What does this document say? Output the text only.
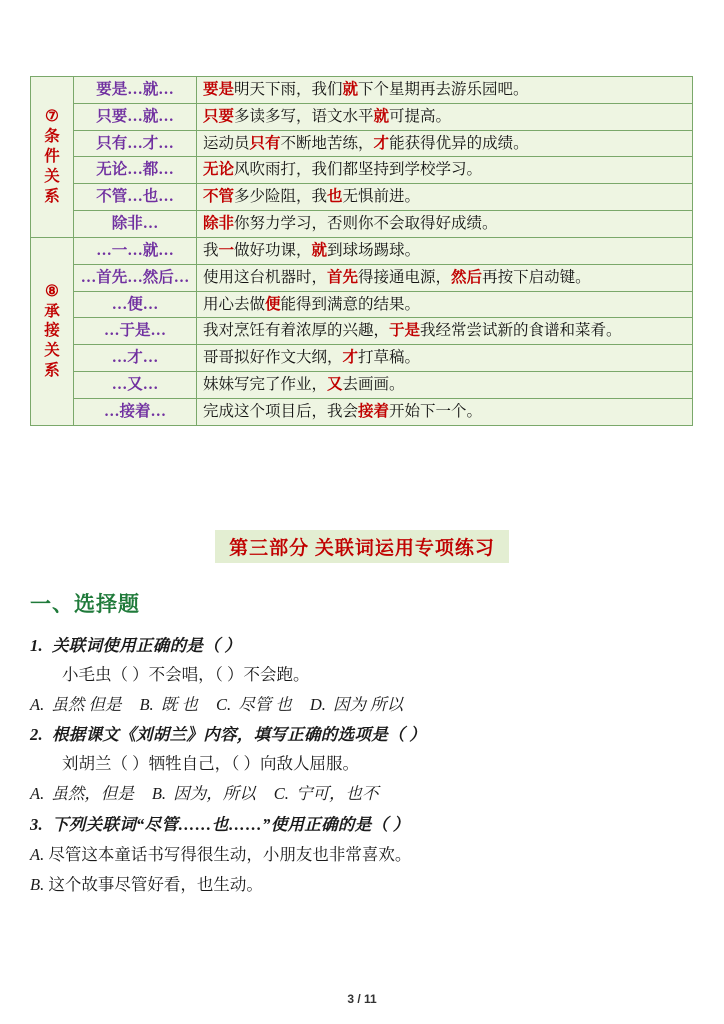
⑦
条
件
关
系	要是…就…	要是明天下雨，我们就下个星期再去游乐园吧。
	只要…就…	只要多读多写，语文水平就可提高。
	只有…才…	运动员只有不断地苦练，才能获得优异的成绩。
	无论…都…	无论风吹雨打，我们都坚持到学校学习。
	不管…也…	不管多少险阻，我也无惧前进。
	除非…	除非你努力学习，否则你不会取得好成绩。

⑧
承
接
关
系	…一…就…	我一做好功课，就到球场踢球。
	…首先…然后…	使用这台机器时，首先得接通电源，然后再按下启动键。
	…便…	用心去做便能得到满意的结果。
	…于是…	我对烹饪有着浓厚的兴趣，于是我经常尝试新的食谱和菜肴。
	…才…	哥哥拟好作文大纲，才打草稿。
	…又…	妹妹写完了作业，又去画画。
	…接着…	完成这个项目后，我会接着开始下一个。
第三部分 关联词运用专项练习
一、选择题
1. 关联词使用正确的是（ ）
小毛虫（ ）不会唱，（ ）不会跑。
A. 虽然 但是 B. 既 也 C. 尽管 也 D. 因为 所以
2. 根据课文《刘胡兰》内容，填写正确的选项是（ ）
刘胡兰（ ）牺牲自己，（ ）向敌人屈服。
A. 虽然，但是 B. 因为，所以 C. 宁可，也不
3. 下列关联词“尽管……也……”使用正确的是（ ）
A. 尽管这本童话书写得很生动，小朋友也非常喜欢。
B. 这个故事尽管好看，也生动。
3 / 11
